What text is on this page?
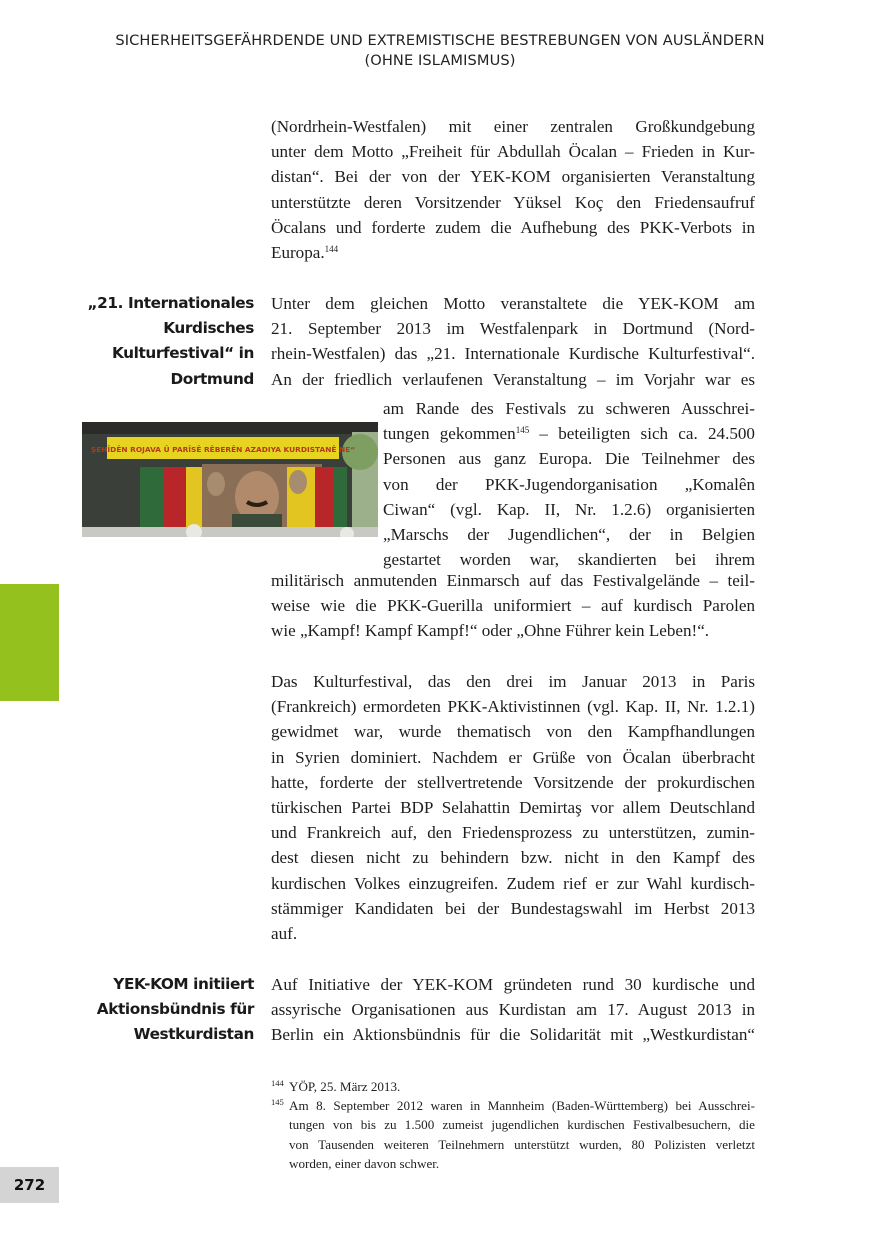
SICHERHEITSGEFÄHRDENDE UND EXTREMISTISCHE BESTREBUNGEN VON AUSLÄNDERN
(OHNE ISLAMISMUS)

(Nordrhein-Westfalen) mit einer zentralen Großkundgebung
unter dem Motto „Freiheit für Abdullah Öcalan – Frieden in Kur-
distan“. Bei der von der YEK-KOM organisierten Veranstaltung
unterstützte deren Vorsitzender Yüksel Koç den Friedensaufruf
Öcalans und forderte zudem die Aufhebung des PKK-Verbots in
Europa.$^{144}$

„21. Internationales
Kurdisches
Kulturfestival“ in
Dortmund

Unter dem gleichen Motto veranstaltete die YEK-KOM am
21. September 2013 im Westfalenpark in Dortmund (Nord-
rhein-Westfalen) das „21. Internationale Kurdische Kulturfestival“.
An der friedlich verlaufenen Veranstaltung – im Vorjahr war es

ŞEHÎDÊN ROJAVA Û PARÎSÊ RÊBERÊN AZADIYA KURDISTANÊ NE“

am Rande des Festivals zu schweren Ausschrei-
tungen gekommen$^{145}$ – beteiligten sich ca. 24.500
Personen aus ganz Europa. Die Teilnehmer des
von der PKK-Jugendorganisation „Komalên
Ciwan“ (vgl. Kap. II, Nr. 1.2.6) organisierten
„Marschs der Jugendlichen“, der in Belgien
gestartet worden war, skandierten bei ihrem

militärisch anmutenden Einmarsch auf das Festivalgelände – teil-
weise wie die PKK-Guerilla uniformiert – auf kurdisch Parolen
wie „Kampf! Kampf Kampf!“ oder „Ohne Führer kein Leben!“.

Das Kulturfestival, das den drei im Januar 2013 in Paris
(Frankreich) ermordeten PKK-Aktivistinnen (vgl. Kap. II, Nr. 1.2.1)
gewidmet war, wurde thematisch von den Kampfhandlungen
in Syrien dominiert. Nachdem er Grüße von Öcalan überbracht
hatte, forderte der stellvertretende Vorsitzende der prokurdischen
türkischen Partei BDP Selahattin Demirtaş vor allem Deutschland
und Frankreich auf, den Friedensprozess zu unterstützen, zumin-
dest diesen nicht zu behindern bzw. nicht in den Kampf des
kurdischen Volkes einzugreifen. Zudem rief er zur Wahl kurdisch-
stämmiger Kandidaten bei der Bundestagswahl im Herbst 2013
auf.

YEK-KOM initiiert
Aktionsbündnis für
Westkurdistan

Auf Initiative der YEK-KOM gründeten rund 30 kurdische und
assyrische Organisationen aus Kurdistan am 17. August 2013 in
Berlin ein Aktionsbündnis für die Solidarität mit „Westkurdistan“

144 YÖP, 25. März 2013.
145 Am 8. September 2012 waren in Mannheim (Baden-Württemberg) bei Ausschrei-
tungen von bis zu 1.500 zumeist jugendlichen kurdischen Festivalbesuchern, die
von Tausenden weiteren Teilnehmern unterstützt wurden, 80 Polizisten verletzt
worden, einer davon schwer.
272
